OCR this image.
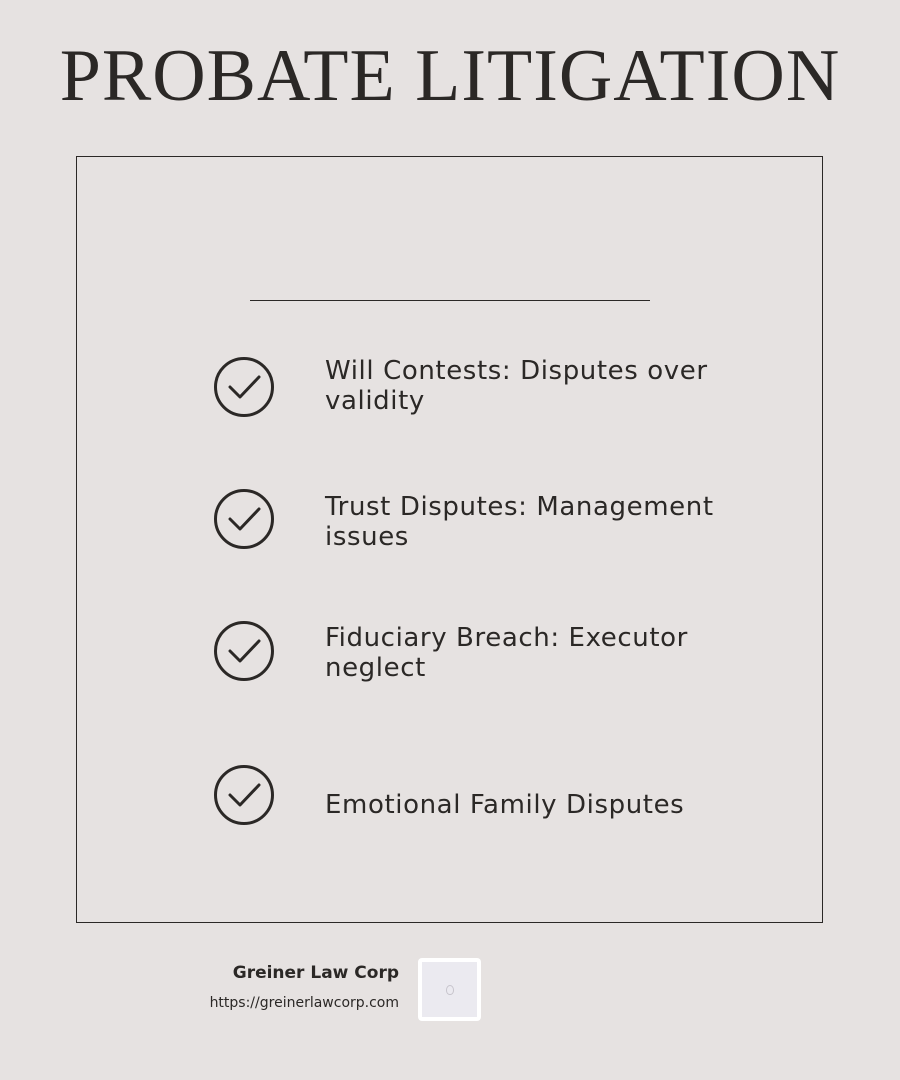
PROBATE LITIGATION
Will Contests: Disputes over validity
Trust Disputes: Management issues
Fiduciary Breach: Executor neglect
Emotional Family Disputes
Greiner Law Corp
https://greinerlawcorp.com
